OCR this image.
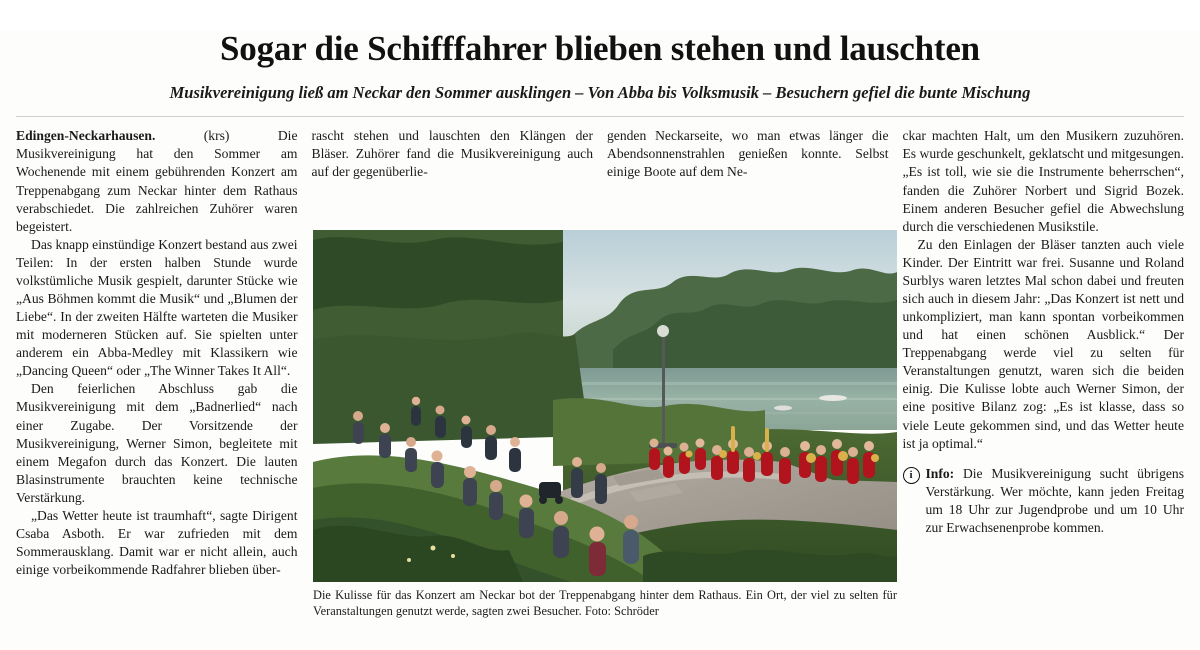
Sogar die Schifffahrer blieben stehen und lauschten
Musikvereinigung ließ am Neckar den Sommer ausklingen – Von Abba bis Volksmusik – Besuchern gefiel die bunte Mischung

Edingen-Neckarhausen.	(krs)	Die Musikvereinigung hat den Sommer am Wochenende mit einem gebührenden Konzert am Treppenabgang zum Neckar hinter dem Rathaus verabschiedet. Die zahlreichen Zuhörer waren begeistert.

Das knapp einstündige Konzert bestand aus zwei Teilen: In der ersten halben Stunde wurde volkstümliche Musik gespielt, darunter Stücke wie „Aus Böhmen kommt die Musik“ und „Blumen der Liebe“. In der zweiten Hälfte warteten die Musiker mit moderneren Stücken auf. Sie spielten unter anderem ein Abba-Medley mit Klassikern wie „Dancing Queen“ oder „The Winner Takes It All“.

Den feierlichen Abschluss gab die Musikvereinigung mit dem „Badnerlied“ nach einer Zugabe. Der Vorsitzende der Musikvereinigung, Werner Simon, begleitete mit einem Megafon durch das Konzert. Die lauten Blasinstrumente brauchten keine technische Verstärkung.

„Das Wetter heute ist traumhaft“, sagte Dirigent Csaba Asboth. Er war zufrieden mit dem Sommerausklang. Damit war er nicht allein, auch einige vorbeikommende Radfahrer blieben über-

rascht stehen und lauschten den Klängen der Bläser. Zuhörer fand die Musikvereinigung auch auf der gegenüberlie-

genden Neckarseite, wo man etwas länger die Abendsonnenstrahlen genießen konnte. Selbst einige Boote auf dem Ne-

ckar machten Halt, um den Musikern zuzuhören. Es wurde geschunkelt, geklatscht und mitgesungen. „Es ist toll, wie sie die Instrumente beherrschen“, fanden die Zuhörer Norbert und Sigrid Bozek. Einem anderen Besucher gefiel die Abwechslung durch die verschiedenen Musikstile.

Zu den Einlagen der Bläser tanzten auch viele Kinder. Der Eintritt war frei. Susanne und Roland Surblys waren letztes Mal schon dabei und freuten sich auch in diesem Jahr: „Das Konzert ist nett und unkompliziert, man kann spontan vorbeikommen und hat einen schönen Ausblick.“ Der Treppenabgang werde viel zu selten für Veranstaltungen genutzt, waren sich die beiden einig. Die Kulisse lobte auch Werner Simon, der eine positive Bilanz zog: „Es ist klasse, dass so viele Leute gekommen sind, und das Wetter heute ist ja optimal.“

i Info: Die Musikvereinigung sucht übrigens Verstärkung. Wer möchte, kann jeden Freitag um 18 Uhr zur Jugendprobe und um 10 Uhr zur Erwachsenenprobe kommen.
Die Kulisse für das Konzert am Neckar bot der Treppenabgang hinter dem Rathaus. Ein Ort, der viel zu selten für Veranstaltungen genutzt werde, sagten zwei Besucher. Foto: Schröder
